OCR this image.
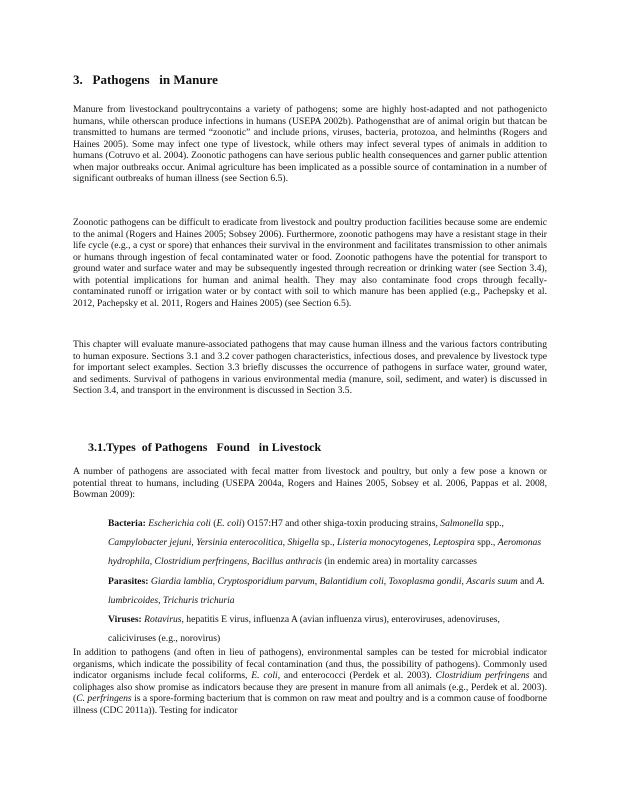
3.   Pathogens   in Manure

Manure from livestockand poultrycontains a variety of pathogens; some are highly host-adapted and not pathogenicto humans, while otherscan produce infections in humans (USEPA 2002b). Pathogensthat are of animal origin but thatcan be transmitted to humans are termed “zoonotic” and include prions, viruses, bacteria, protozoa, and helminths (Rogers and Haines 2005). Some may infect one type of livestock, while others may infect several types of animals in addition to humans (Cotruvo et al. 2004). Zoonotic pathogens can have serious public health consequences and garner public attention when major outbreaks occur. Animal agriculture has been implicated as a possible source of contamination in a number of significant outbreaks of human illness (see Section 6.5).

Zoonotic pathogens can be difficult to eradicate from livestock and poultry production facilities because some are endemic to the animal (Rogers and Haines 2005; Sobsey 2006). Furthermore, zoonotic pathogens may have a resistant stage in their life cycle (e.g., a cyst or spore) that enhances their survival in the environment and facilitates transmission to other animals or humans through ingestion of fecal contaminated water or food. Zoonotic pathogens have the potential for transport to ground water and surface water and may be subsequently ingested through recreation or drinking water (see Section 3.4), with potential implications for human and animal health. They may also contaminate food crops through fecally-contaminated runoff or irrigation water or by contact with soil to which manure has been applied (e.g., Pachepsky et al. 2012, Pachepsky et al. 2011, Rogers and Haines 2005) (see Section 6.5).

This chapter will evaluate manure-associated pathogens that may cause human illness and the various factors contributing to human exposure. Sections 3.1 and 3.2 cover pathogen characteristics, infectious doses, and prevalence by livestock type for important select examples. Section 3.3 briefly discusses the occurrence of pathogens in surface water, ground water, and sediments. Survival of pathogens in various environmental media (manure, soil, sediment, and water) is discussed in Section 3.4, and transport in the environment is discussed in Section 3.5.

3.1.Types  of Pathogens   Found   in Livestock

A number of pathogens are associated with fecal matter from livestock and poultry, but only a few pose a known or potential threat to humans, including (USEPA 2004a, Rogers and Haines 2005, Sobsey et al. 2006, Pappas et al. 2008, Bowman 2009):

Bacteria: Escherichia coli (E. coli) O157:H7 and other shiga-toxin producing strains, Salmonella spp., Campylobacter jejuni, Yersinia enterocolitica, Shigella sp., Listeria monocytogenes, Leptospira spp., Aeromonas hydrophila, Clostridium perfringens, Bacillus anthracis (in endemic area) in mortality carcasses

Parasites: Giardia lamblia, Cryptosporidium parvum, Balantidium coli, Toxoplasma gondii, Ascaris suum and A. lumbricoides, Trichuris trichuria

Viruses: Rotavirus, hepatitis E virus, influenza A (avian influenza virus), enteroviruses, adenoviruses, caliciviruses (e.g., norovirus)

In addition to pathogens (and often in lieu of pathogens), environmental samples can be tested for microbial indicator organisms, which indicate the possibility of fecal contamination (and thus, the possibility of pathogens). Commonly used indicator organisms include fecal coliforms, E. coli, and enterococci (Perdek et al. 2003). Clostridium perfringens and coliphages also show promise as indicators because they are present in manure from all animals (e.g., Perdek et al. 2003). (C. perfringens is a spore-forming bacterium that is common on raw meat and poultry and is a common cause of foodborne illness (CDC 2011a)). Testing for indicator
